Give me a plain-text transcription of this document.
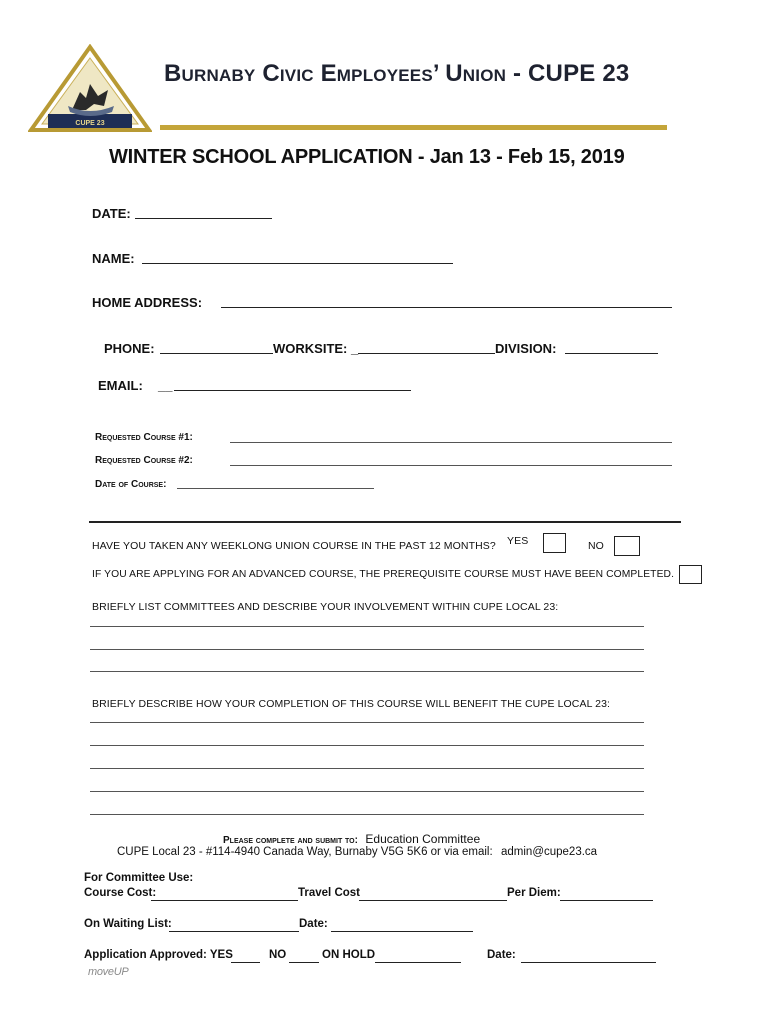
CUPE 23
Burnaby Civic Employees’ Union - CUPE 23
WINTER SCHOOL APPLICATION - Jan 13 - Feb 15, 2019
DATE:
NAME:
HOME ADDRESS:
PHONE:	WORKSITE: _	DIVISION:
EMAIL: __
Requested Course #1:
Requested Course #2:
Date of Course:
HAVE YOU TAKEN ANY WEEKLONG UNION COURSE IN THE PAST 12 MONTHS? YES	NO
IF YOU ARE APPLYING FOR AN ADVANCED COURSE, THE PREREQUISITE COURSE MUST HAVE BEEN COMPLETED.
BRIEFLY LIST COMMITTEES AND DESCRIBE YOUR INVOLVEMENT WITHIN CUPE LOCAL 23:
BRIEFLY DESCRIBE HOW YOUR COMPLETION OF THIS COURSE WILL BENEFIT THE CUPE LOCAL 23:
Please complete and submit to: Education Committee
CUPE Local 23 - #114-4940 Canada Way, Burnaby V5G 5K6 or via email: admin@cupe23.ca
For Committee Use:
Course Cost:	Travel Cost	Per Diem:
On Waiting List:	Date:
Application Approved: YES	NO	ON HOLD	Date:
moveUP
